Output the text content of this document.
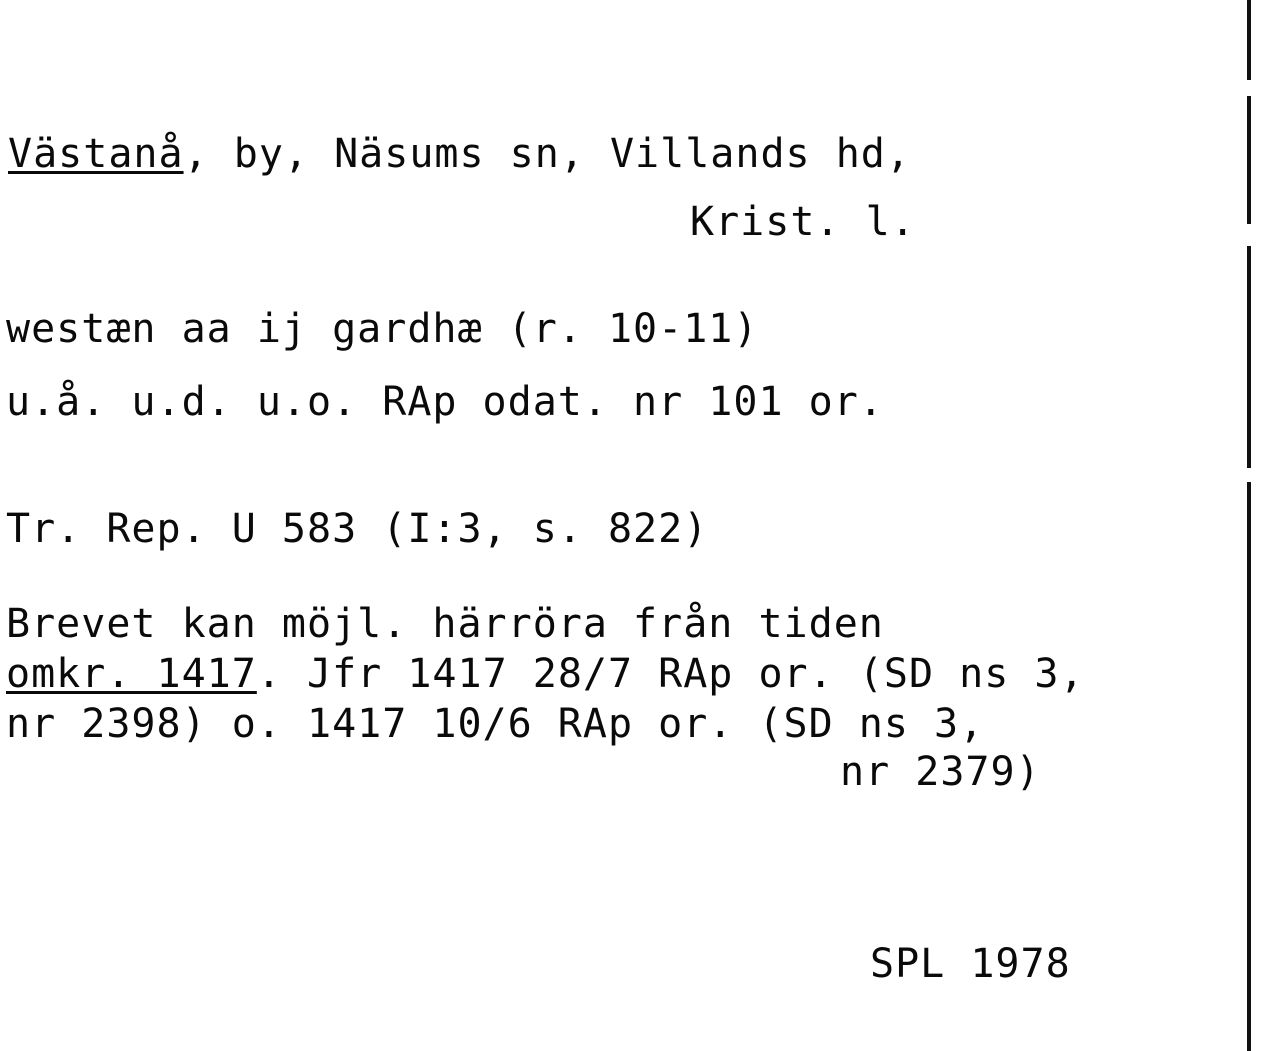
Västanå, by, Näsums sn, Villands hd,
Krist. l.
westæn aa ij gardhæ (r. 10-11)
u.å. u.d. u.o. RAp odat. nr 101 or.
Tr. Rep. U 583 (I:3, s. 822)
Brevet kan möjl. härröra från tiden
omkr. 1417. Jfr 1417 28/7 RAp or. (SD ns 3,
nr 2398) o. 1417 10/6 RAp or. (SD ns 3,
nr 2379)
SPL 1978
